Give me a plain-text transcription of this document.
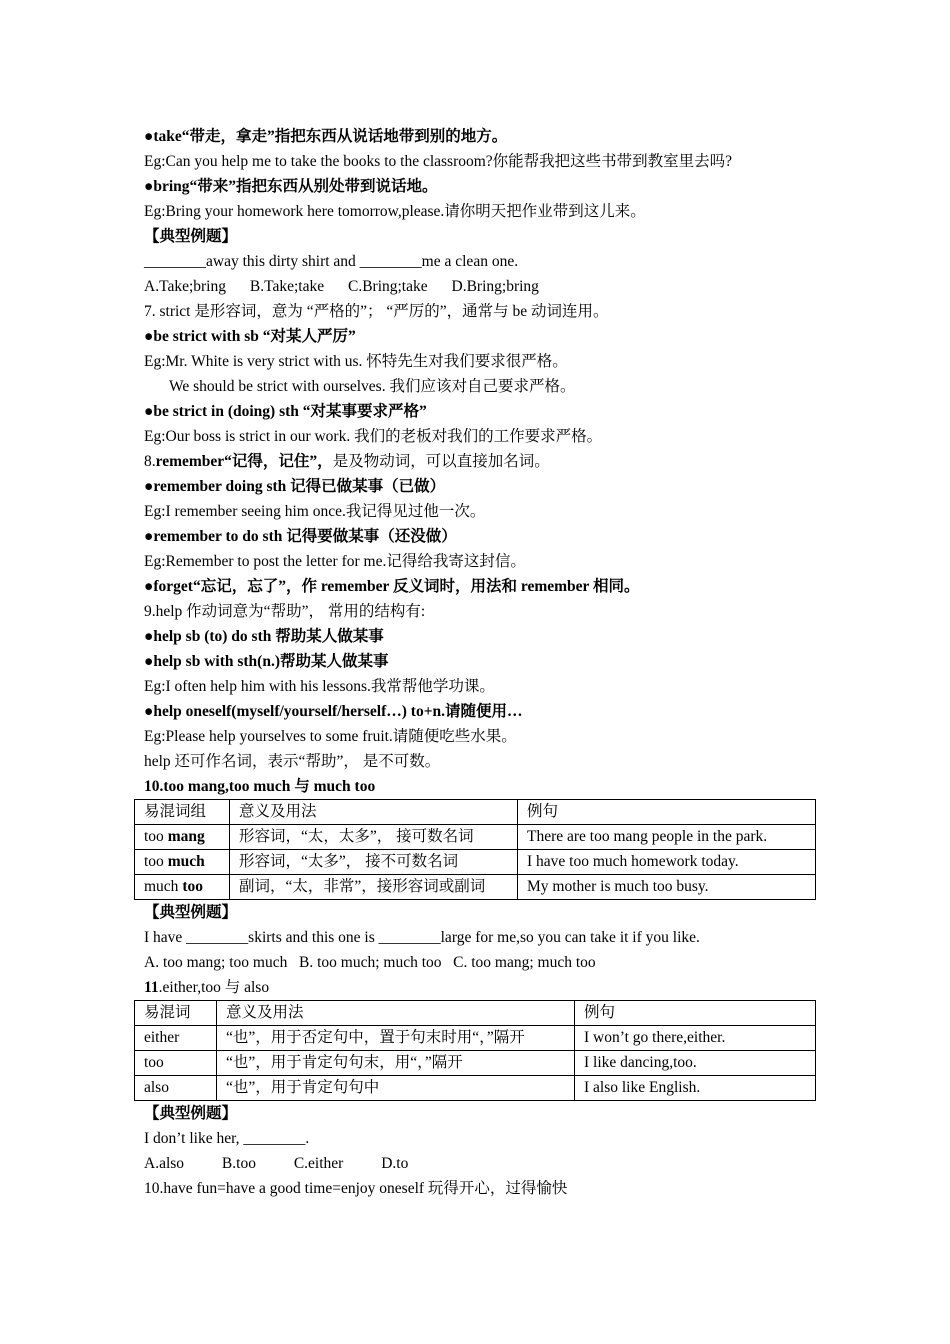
●take“带走，拿走”指把东西从说话地带到别的地方。
Eg:Can you help me to take the books to the classroom?你能帮我把这些书带到教室里去吗?
●bring“带来”指把东西从别处带到说话地。
Eg:Bring your homework here tomorrow,please.请你明天把作业带到这儿来。
【典型例题】
________away this dirty shirt and ________me a clean one.
A.Take;bring B.Take;take C.Bring;take D.Bring;bring
7. strict 是形容词，意为 “严格的”； “严厉的”，通常与 be 动词连用。
●be strict with sb “对某人严厉”
Eg:Mr. White is very strict with us. 怀特先生对我们要求很严格。
We should be strict with ourselves. 我们应该对自己要求严格。
●be strict in (doing) sth “对某事要求严格”
Eg:Our boss is strict in our work. 我们的老板对我们的工作要求严格。
8.remember“记得，记住”，是及物动词，可以直接加名词。
●remember doing sth 记得已做某事（已做）
Eg:I remember seeing him once.我记得见过他一次。
●remember to do sth 记得要做某事（还没做）
Eg:Remember to post the letter for me.记得给我寄这封信。
●forget“忘记，忘了”，作 remember 反义词时，用法和 remember 相同。
9.help 作动词意为“帮助”， 常用的结构有:
●help sb (to) do sth 帮助某人做某事
●help sb with sth(n.)帮助某人做某事
Eg:I often help him with his lessons.我常帮他学功课。
●help oneself(myself/yourself/herself…) to+n.请随便用…
Eg:Please help yourselves to some fruit.请随便吃些水果。
help 还可作名词，表示“帮助”， 是不可数。
10.too mang,too much 与 much too
易混词组	意义及用法	例句
too mang	形容词，“太，太多”， 接可数名词	There are too mang people in the park.
too much	形容词，“太多”， 接不可数名词	I have too much homework today.
much too	副词，“太，非常”，接形容词或副词	My mother is much too busy.
【典型例题】
I have ________skirts and this one is ________large for me,so you can take it if you like.
A. too mang; too much B. too much; much too C. too mang; much too
11.either,too 与 also
易混词	意义及用法	例句
either	“也”，用于否定句中，置于句末时用“，”隔开	I won’t go there,either.
too	“也”，用于肯定句句末，用“，”隔开	I like dancing,too.
also	“也”，用于肯定句句中	I also like English.
【典型例题】
I don’t like her, ________.
A.also B.too C.either D.to
10.have fun=have a good time=enjoy oneself 玩得开心，过得愉快
